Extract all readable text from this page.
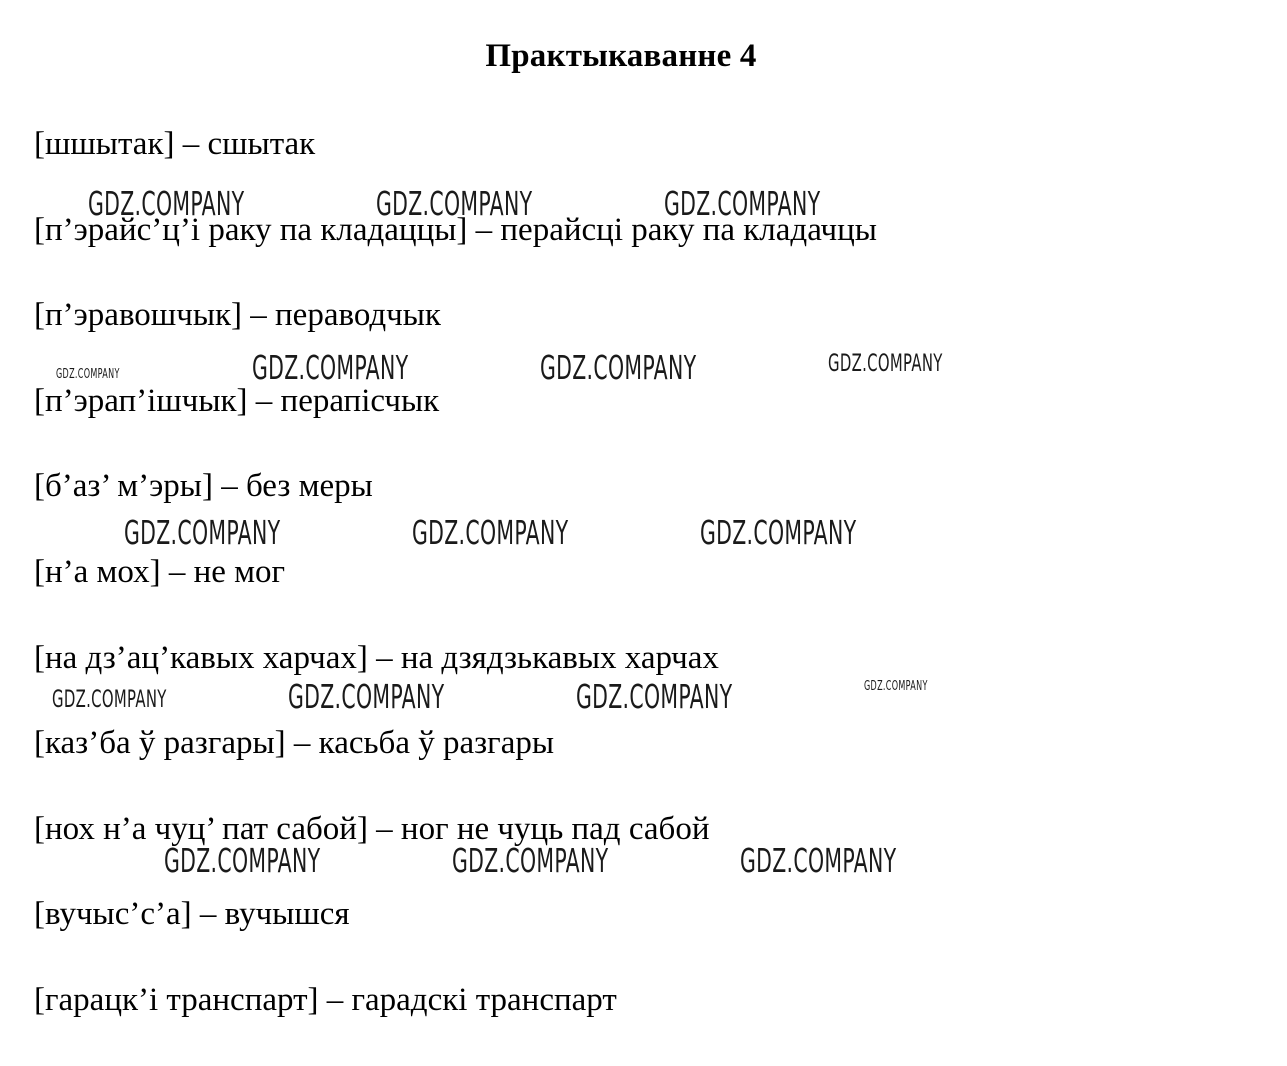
Практыкаванне 4
[шшытак] – сшытак
[п’эрайс’ц’і раку па кладаццы] – перайсці раку па кладачцы
[п’эравошчык] – пераводчык
[п’эрап’ішчык] – перапісчык
[б’аз’ м’эры] – без меры
[н’а мох] – не мог
[на дз’ац’кавых харчах] – на дзядзькавых харчах
[каз’ба ў разгары] – касьба ў разгары
[нох н’а чуц’ пат сабой] – ног не чуць пад сабой
[вучыс’с’а] – вучышся
[гарацк’і транспарт] – гарадскі транспарт
GDZ.COMPANY	GDZ.COMPANY	GDZ.COMPANY
GDZ.COMPANY	GDZ.COMPANY	GDZ.COMPANY	GDZ.COMPANY
GDZ.COMPANY	GDZ.COMPANY	GDZ.COMPANY
GDZ.COMPANY	GDZ.COMPANY	GDZ.COMPANY	GDZ.COMPANY
GDZ.COMPANY	GDZ.COMPANY	GDZ.COMPANY
